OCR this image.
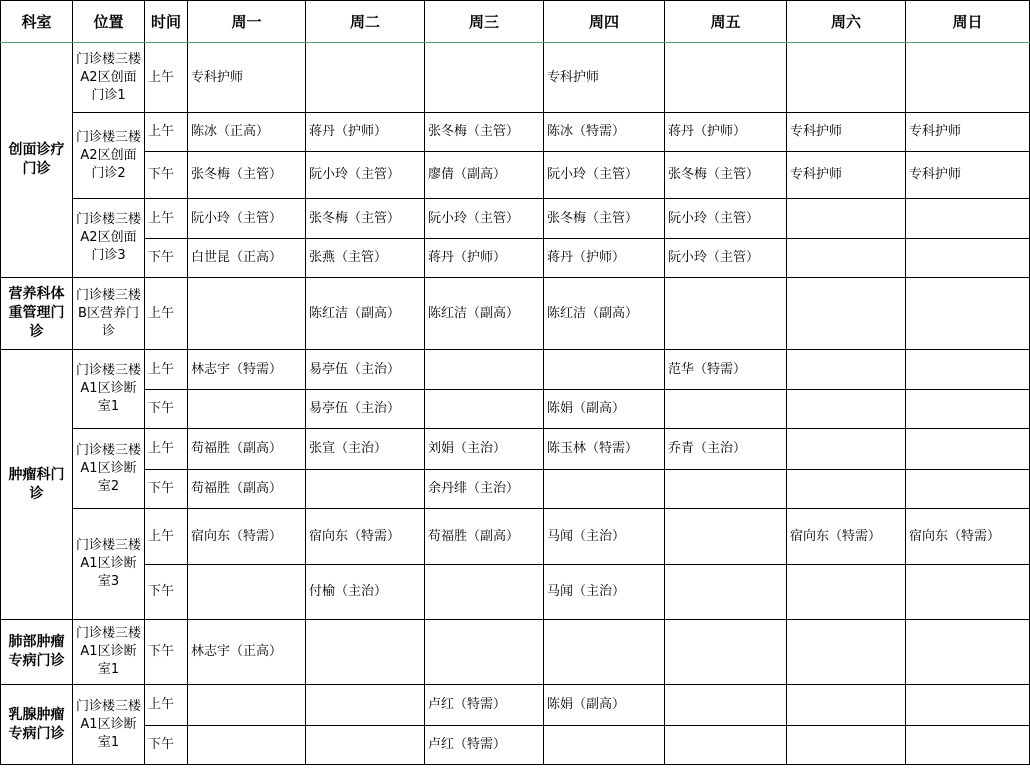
科室	位置	时间	周一	周二	周三	周四	周五	周六	周日
创面诊疗门诊	门诊楼三楼A2区创面门诊1	上午	专科护师			专科护师			
	门诊楼三楼A2区创面门诊2	上午	陈冰（正高）	蒋丹（护师）	张冬梅（主管）	陈冰（特需）	蒋丹（护师）	专科护师	专科护师
		下午	张冬梅（主管）	阮小玲（主管）	廖倩（副高）	阮小玲（主管）	张冬梅（主管）	专科护师	专科护师
	门诊楼三楼A2区创面门诊3	上午	阮小玲（主管）	张冬梅（主管）	阮小玲（主管）	张冬梅（主管）	阮小玲（主管）		
		下午	白世昆（正高）	张燕（主管）	蒋丹（护师）	蒋丹（护师）	阮小玲（主管）		
营养科体重管理门诊	门诊楼三楼B区营养门诊	上午		陈红洁（副高）	陈红洁（副高）	陈红洁（副高）			
肿瘤科门诊	门诊楼三楼A1区诊断室1	上午	林志宇（特需）	易亭伍（主治）			范华（特需）		
		下午		易亭伍（主治）		陈娟（副高）			
	门诊楼三楼A1区诊断室2	上午	苟福胜（副高）	张宣（主治）	刘娟（主治）	陈玉林（特需）	乔青（主治）		
		下午	苟福胜（副高）		余丹绯（主治）				
	门诊楼三楼A1区诊断室3	上午	宿向东（特需）	宿向东（特需）	苟福胜（副高）	马闻（主治）		宿向东（特需）	宿向东（特需）
		下午		付榆（主治）		马闻（主治）			
肺部肿瘤专病门诊	门诊楼三楼A1区诊断室1	下午	林志宇（正高）						
乳腺肿瘤专病门诊	门诊楼三楼A1区诊断室1	上午			卢红（特需）	陈娟（副高）			
		下午			卢红（特需）				
